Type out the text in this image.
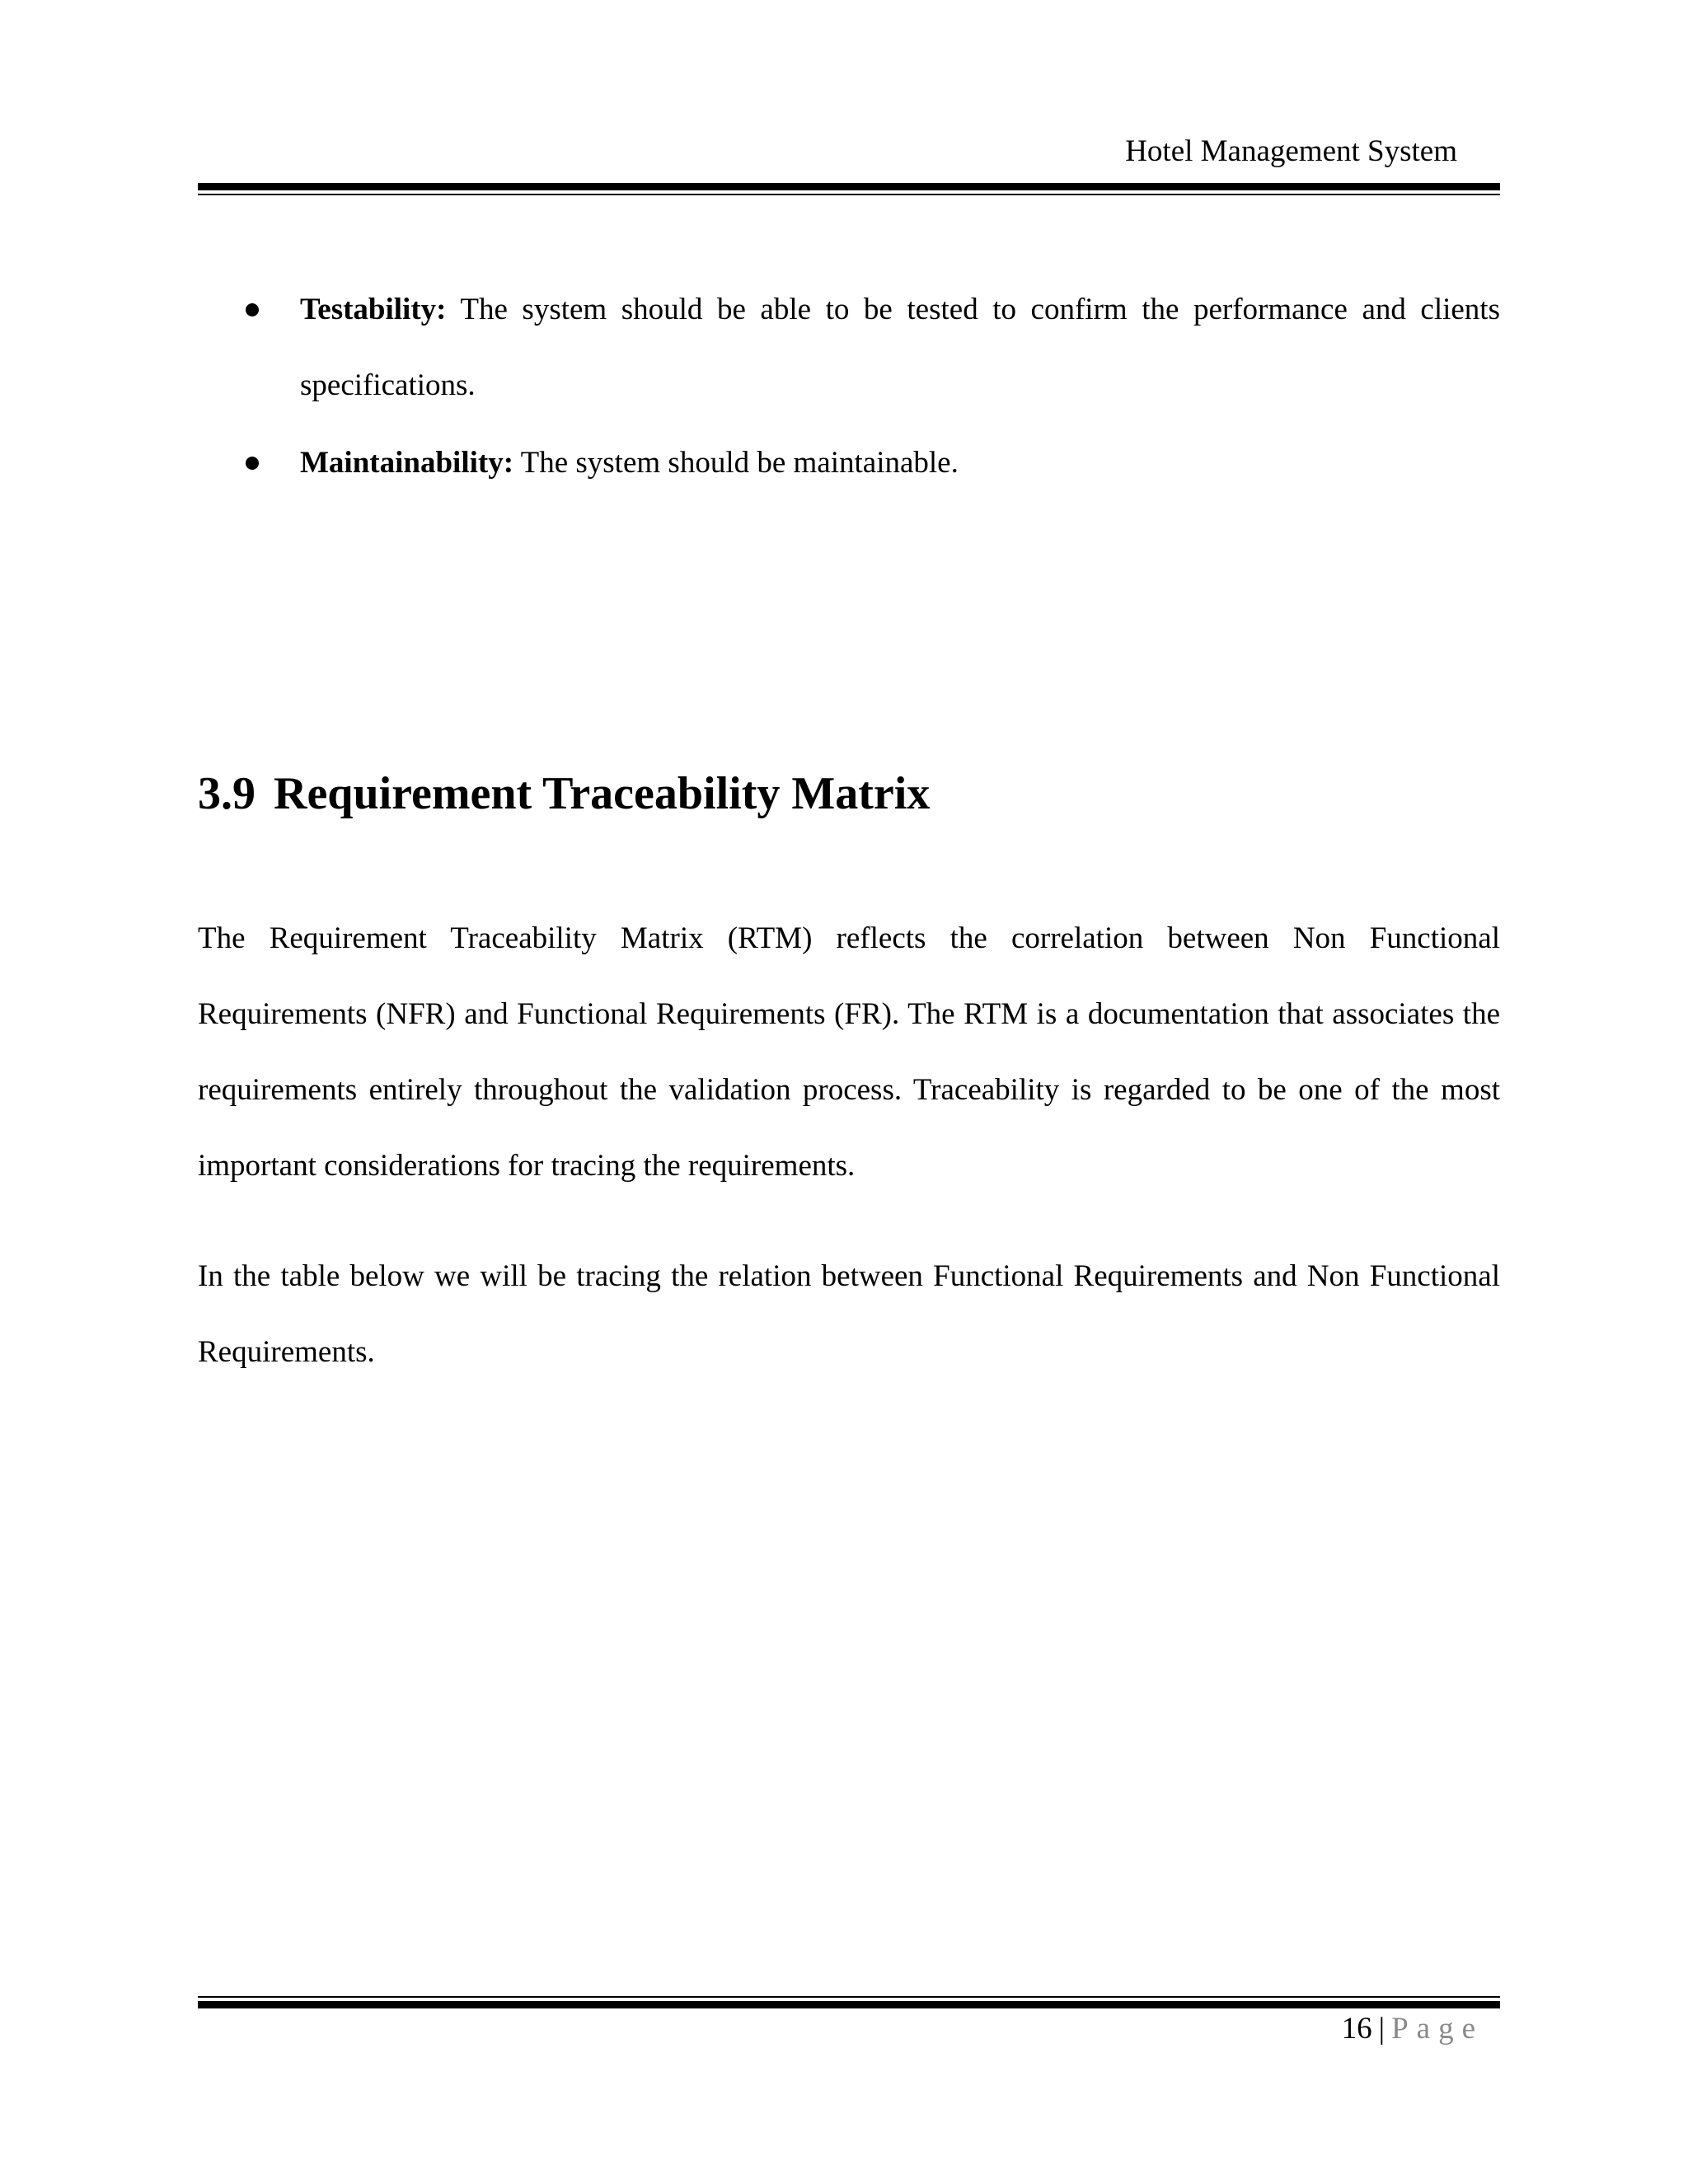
Hotel Management System
Testability: The system should be able to be tested to confirm the performance and clients specifications.
Maintainability: The system should be maintainable.
3.9 Requirement Traceability Matrix

The Requirement Traceability Matrix (RTM) reflects the correlation between Non Functional Requirements (NFR) and Functional Requirements (FR). The RTM is a documentation that associates the requirements entirely throughout the validation process. Traceability is regarded to be one of the most important considerations for tracing the requirements.

In the table below we will be tracing the relation between Functional Requirements and Non Functional Requirements.

16 | Page
